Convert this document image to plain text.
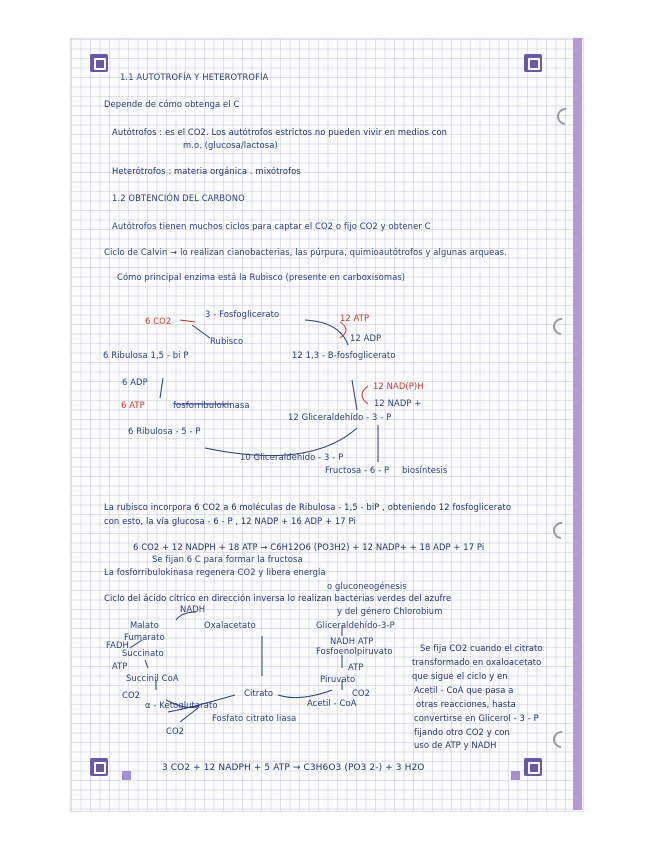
1.1 AUTOTROFÍA Y HETEROTROFÍA
Depende de cómo obtenga el C
Autótrofos : es el CO2. Los autótrofos estrictos no pueden vivir en medios con
m.o. (glucosa/lactosa)
Heterótrofos : materia orgánica . mixótrofos
1.2 OBTENCIÓN DEL CARBONO
Autótrofos tienen muchos ciclos para captar el CO2 o fijo CO2 y obtener C
Ciclo de Calvin → lo realizan cianobacterias, las púrpura, quimioautótrofos y algunas arqueas.
Cómo principal enzima está la Rubisco (presente en carboxisomas)
6 CO2
3 - Fosfoglicerato
Rubisco
12 ATP
12 ADP
6 Ribulosa 1,5 - bi P	12 1,3 - B-fosfoglicerato
6 ADP
6 ATP
12 NAD(P)H
12 NADP +
fosforribulokinasa
12 Gliceraldehído - 3 - P
6 Ribulosa - 5 - P
10 Gliceraldehído - 3 - P
Fructosa - 6 - P biosíntesis
La rubisco incorpora 6 CO2 a 6 moléculas de Ribulosa - 1,5 - biP , obteniendo 12 fosfoglicerato
con esto, la vía glucosa - 6 - P , 12 NADP + 16 ADP + 17 Pi
6 CO2 + 12 NADPH + 18 ATP → C6H12O6 (PO3H2) + 12 NADP+ + 18 ADP + 17 Pi
Se fijan 6 C para formar la fructosa
La fosforribulokinasa regenera CO2 y libera energía
o gluconeogénesis
Ciclo del ácido cítrico en dirección inversa lo realizan bacterias verdes del azufre
y del género Chlorobium
NADH
Malato	Oxalacetato
Fumarato
FADH
Succinato
ATP
Succinil CoA
CO2
α - Ketoglutarato
CO2
Citrato
Fosfato citrato liasa
Gliceraldehído-3-P
NADH ATP
Fosfoenolpiruvato
ATP
Piruvato
CO2
Acetil - CoA
Se fija CO2 cuando el citrato
transformado en oxaloacetato
que sigue el ciclo y en
Acetil - CoA que pasa a
otras reacciones, hasta
convertirse en Glicerol - 3 - P
fijando otro CO2 y con
uso de ATP y NADH
3 CO2 + 12 NADPH + 5 ATP → C3H6O3 (PO3 2-) + 3 H2O
